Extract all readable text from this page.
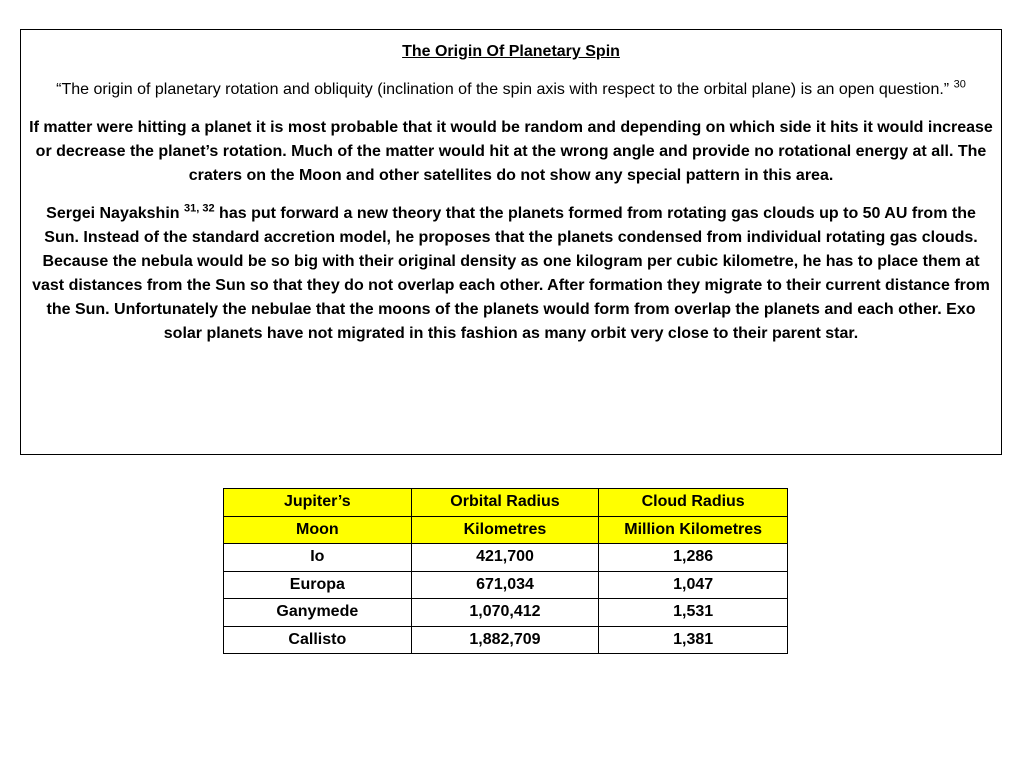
The Origin Of Planetary Spin
“The origin of planetary rotation and obliquity (inclination of the spin axis with respect to the orbital plane) is an open question.” $^{30}$
If matter were hitting a planet it is most probable that it would be random and depending on which side it hits it would increase or decrease the planet’s rotation. Much of the matter would hit at the wrong angle and provide no rotational energy at all. The craters on the Moon and other satellites do not show any special pattern in this area.
Sergei Nayakshin $^{31, 32}$ has put forward a new theory that the planets formed from rotating gas clouds up to 50 AU from the Sun. Instead of the standard accretion model, he proposes that the planets condensed from individual rotating gas clouds. Because the nebula would be so big with their original density as one kilogram per cubic kilometre, he has to place them at vast distances from the Sun so that they do not overlap each other. After formation they migrate to their current distance from the Sun. Unfortunately the nebulae that the moons of the planets would form from overlap the planets and each other. Exo solar planets have not migrated in this fashion as many orbit very close to their parent star.
Jupiter’s	Orbital Radius	Cloud Radius
Moon	Kilometres	Million Kilometres
Io	421,700	1,286
Europa	671,034	1,047
Ganymede	1,070,412	1,531
Callisto	1,882,709	1,381
